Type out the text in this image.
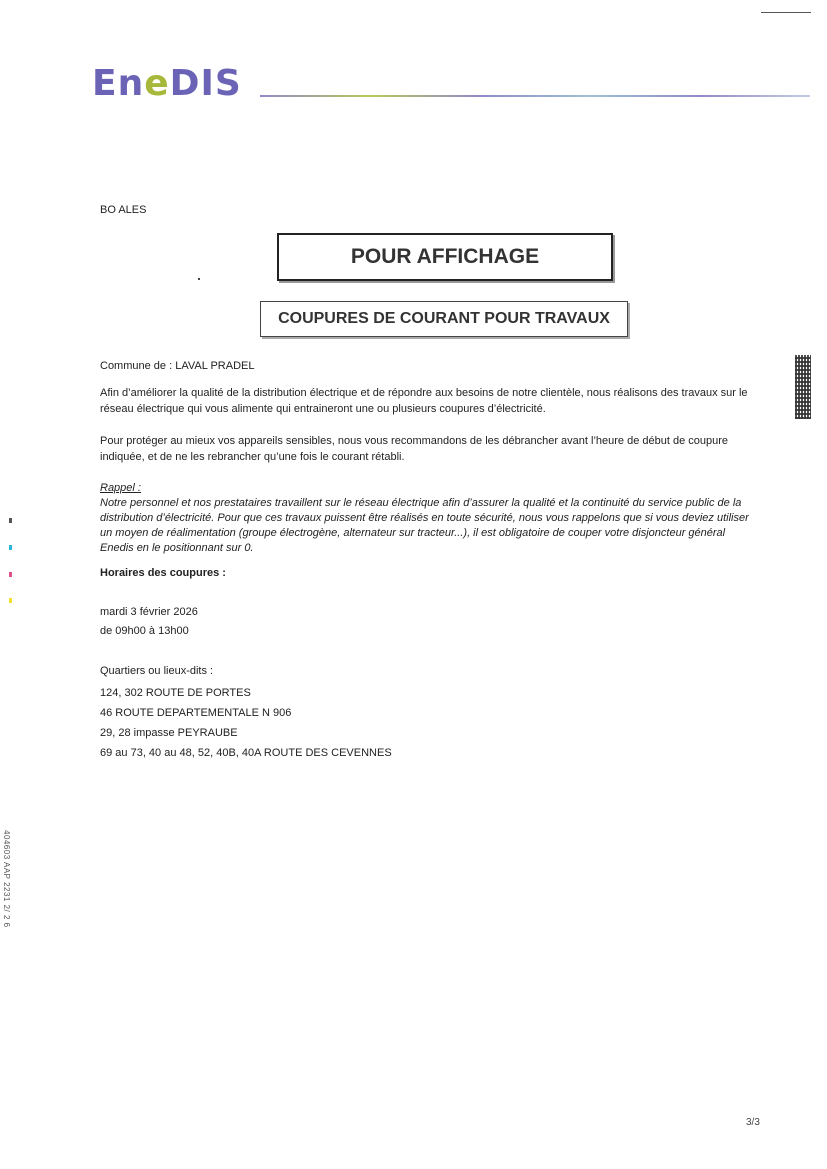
EneDIS
BO ALES
POUR AFFICHAGE
COUPURES DE COURANT POUR TRAVAUX
Commune de : LAVAL PRADEL
Afin d’améliorer la qualité de la distribution électrique et de répondre aux besoins de notre clientèle, nous réalisons des travaux sur le réseau électrique qui vous alimente qui entraineront une ou plusieurs coupures d’électricité.
Pour protéger au mieux vos appareils sensibles, nous vous recommandons de les débrancher avant l’heure de début de coupure indiquée, et de ne les rebrancher qu’une fois le courant rétabli.
Rappel :
Notre personnel et nos prestataires travaillent sur le réseau électrique afin d’assurer la qualité et la continuité du service public de la distribution d’électricité. Pour que ces travaux puissent être réalisés en toute sécurité, nous vous rappelons que si vous deviez utiliser un moyen de réalimentation (groupe électrogène, alternateur sur tracteur...), il est obligatoire de couper votre disjoncteur général Enedis en le positionnant sur 0.
Horaires des coupures :
mardi 3 février 2026
de 09h00 à 13h00
Quartiers ou lieux-dits :
124, 302 ROUTE DE PORTES
46 ROUTE DEPARTEMENTALE N 906
29, 28 impasse PEYRAUBE
69 au 73, 40 au 48, 52, 40B, 40A ROUTE DES CEVENNES
404603 AAP 2231 2/ 2 6
3/3
